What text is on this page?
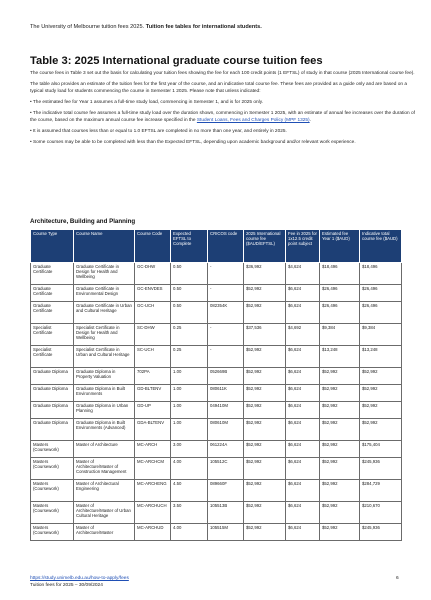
The University of Melbourne tuition fees 2025. Tuition fee tables for international students.
Table 3: 2025 International graduate course tuition fees

The course fees in Table 3 set out the basis for calculating your tuition fees showing the fee for each 100 credit points (1 EFTSL) of study in that course (2025 International course fee).

The table also provides an estimate of the tuition fees for the first year of the course, and an indicative total course fee. These fees are provided as a guide only and are based on a typical study load for students commencing the course in Semester 1 2025. Please note that unless indicated:

• The estimated fee for Year 1 assumes a full-time study load, commencing in Semester 1, and is for 2025 only.

• The indicative total course fee assumes a full-time study load over the duration shown, commencing in Semester 1 2025, with an estimate of annual fee increases over the duration of the course, based on the maximum annual course fee increase specified in the Student Loans, Fees and Charges Policy (MPF 1325).

• It is assumed that courses less than or equal to 1.0 EFTSL are completed in no more than one year, and entirely in 2025.

• Some courses may be able to be completed with less than the Expected EFTSL, depending upon academic background and/or relevant work experience.

Architecture, Building and Planning
Course Type	Course Name	Course Code	Expected EFTSL to Complete	CRICOS code	2025 International course fee ($AUD/EFTSL)	Fee in 2025 for 1x12.5 credit point subject	Estimated fee Year 1 ($AUD)	Indicative total course fee ($AUD)
Graduate Certificate	Graduate Certificate in Design for Health and Wellbeing	GC-DHW	0.50	-	$36,992	$4,624	$18,496	$18,496
Graduate Certificate	Graduate Certificate in Environmental Design	GC-ENVDES	0.50	-	$52,992	$6,624	$26,496	$26,496
Graduate Certificate	Graduate Certificate in Urban and Cultural Heritage	GC-UCH	0.50	082354K	$52,992	$6,624	$26,496	$26,496
Specialist Certificate	Specialist Certificate in Design for Health and Wellbeing	SC-DHW	0.25	-	$37,536	$4,692	$9,384	$9,384
Specialist Certificate	Specialist Certificate in Urban and Cultural Heritage	SC-UCH	0.25	-	$52,992	$6,624	$13,248	$13,248
Graduate Diploma	Graduate Diploma in Property Valuation	702PA	1.00	052669B	$52,992	$6,624	$52,992	$52,992
Graduate Diploma	Graduate Diploma in Built Environments	GD-BLTENV	1.00	080611K	$52,992	$6,624	$52,992	$52,992
Graduate Diploma	Graduate Diploma in Urban Planning	GD-UP	1.00	049410M	$52,992	$6,624	$52,992	$52,992
Graduate Diploma	Graduate Diploma in Built Environments (Advanced)	GDA-BLTENV	1.00	080610M	$52,992	$6,624	$52,992	$52,992
Masters (Coursework)	Master of Architecture	MC-ARCH	3.00	061224A	$52,992	$6,624	$52,992	$175,404
Masters (Coursework)	Master of Architecture/Master of Construction Management	MC-ARCHCM	4.00	105512C	$52,992	$6,624	$52,992	$245,936
Masters (Coursework)	Master of Architectural Engineering	MC-ARCHENG	4.50	089660F	$52,992	$6,624	$52,992	$284,729
Masters (Coursework)	Master of Architecture/Master of Urban Cultural Heritage	MC-ARCHUCH	3.50	105513B	$52,992	$6,624	$52,992	$210,670
Masters (Coursework)	Master of Architecture/Master	MC-ARCHUD	4.00	105515M	$52,992	$6,624	$52,992	$245,936
https://study.unimelb.edu.au/how-to-apply/fees
Tuition fees for 2025 – 30/09/2024
6
